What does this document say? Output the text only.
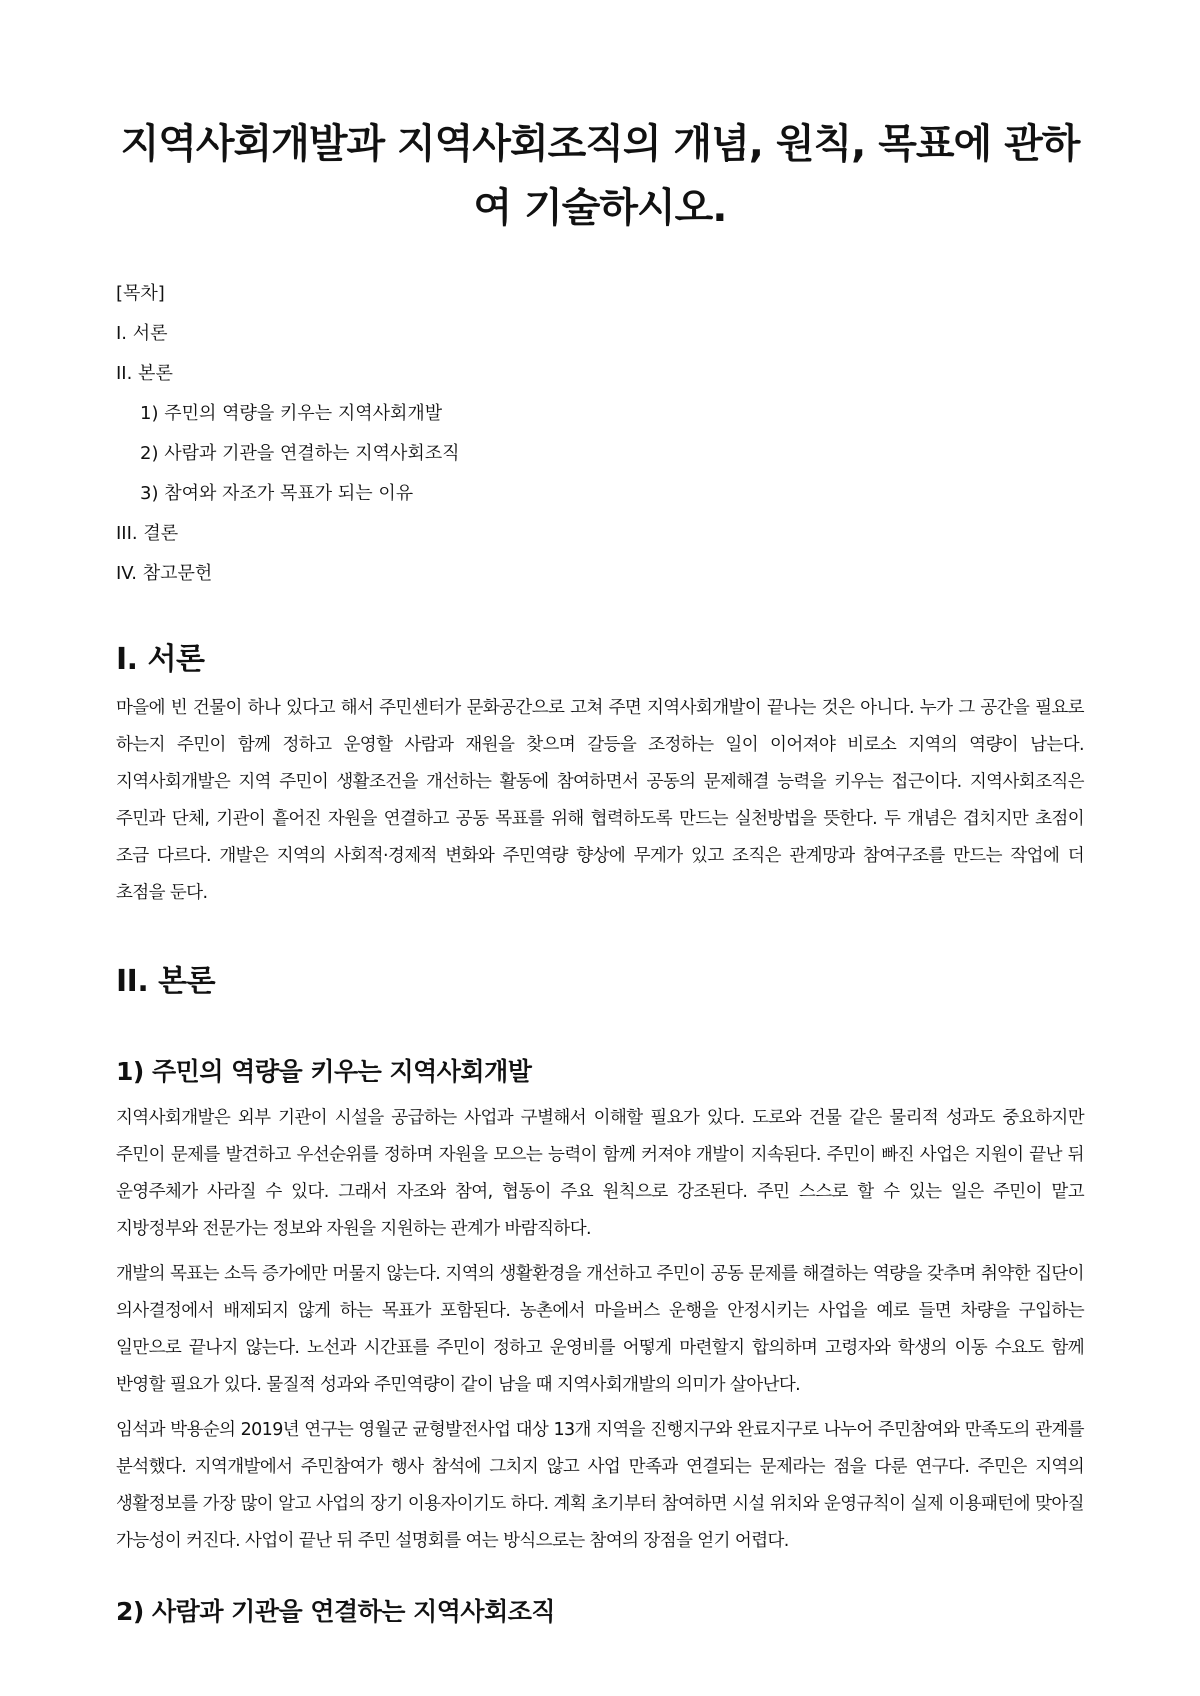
지역사회개발과 지역사회조직의 개념, 원칙, 목표에 관하여 기술하시오.
[목차]
I. 서론
II. 본론
1) 주민의 역량을 키우는 지역사회개발
2) 사람과 기관을 연결하는 지역사회조직
3) 참여와 자조가 목표가 되는 이유
III. 결론
IV. 참고문헌
I. 서론

마을에 빈 건물이 하나 있다고 해서 주민센터가 문화공간으로 고쳐 주면 지역사회개발이 끝나는 것은 아니다. 누가 그 공간을 필요로 하는지 주민이 함께 정하고 운영할 사람과 재원을 찾으며 갈등을 조정하는 일이 이어져야 비로소 지역의 역량이 남는다. 지역사회개발은 지역 주민이 생활조건을 개선하는 활동에 참여하면서 공동의 문제해결 능력을 키우는 접근이다. 지역사회조직은 주민과 단체, 기관이 흩어진 자원을 연결하고 공동 목표를 위해 협력하도록 만드는 실천방법을 뜻한다. 두 개념은 겹치지만 초점이 조금 다르다. 개발은 지역의 사회적·경제적 변화와 주민역량 향상에 무게가 있고 조직은 관계망과 참여구조를 만드는 작업에 더 초점을 둔다.

II. 본론
1) 주민의 역량을 키우는 지역사회개발

지역사회개발은 외부 기관이 시설을 공급하는 사업과 구별해서 이해할 필요가 있다. 도로와 건물 같은 물리적 성과도 중요하지만 주민이 문제를 발견하고 우선순위를 정하며 자원을 모으는 능력이 함께 커져야 개발이 지속된다. 주민이 빠진 사업은 지원이 끝난 뒤 운영주체가 사라질 수 있다. 그래서 자조와 참여, 협동이 주요 원칙으로 강조된다. 주민 스스로 할 수 있는 일은 주민이 맡고 지방정부와 전문가는 정보와 자원을 지원하는 관계가 바람직하다.

개발의 목표는 소득 증가에만 머물지 않는다. 지역의 생활환경을 개선하고 주민이 공동 문제를 해결하는 역량을 갖추며 취약한 집단이 의사결정에서 배제되지 않게 하는 목표가 포함된다. 농촌에서 마을버스 운행을 안정시키는 사업을 예로 들면 차량을 구입하는 일만으로 끝나지 않는다. 노선과 시간표를 주민이 정하고 운영비를 어떻게 마련할지 합의하며 고령자와 학생의 이동 수요도 함께 반영할 필요가 있다. 물질적 성과와 주민역량이 같이 남을 때 지역사회개발의 의미가 살아난다.

임석과 박용순의 2019년 연구는 영월군 균형발전사업 대상 13개 지역을 진행지구와 완료지구로 나누어 주민참여와 만족도의 관계를 분석했다. 지역개발에서 주민참여가 행사 참석에 그치지 않고 사업 만족과 연결되는 문제라는 점을 다룬 연구다. 주민은 지역의 생활정보를 가장 많이 알고 사업의 장기 이용자이기도 하다. 계획 초기부터 참여하면 시설 위치와 운영규칙이 실제 이용패턴에 맞아질 가능성이 커진다. 사업이 끝난 뒤 주민 설명회를 여는 방식으로는 참여의 장점을 얻기 어렵다.

2) 사람과 기관을 연결하는 지역사회조직
